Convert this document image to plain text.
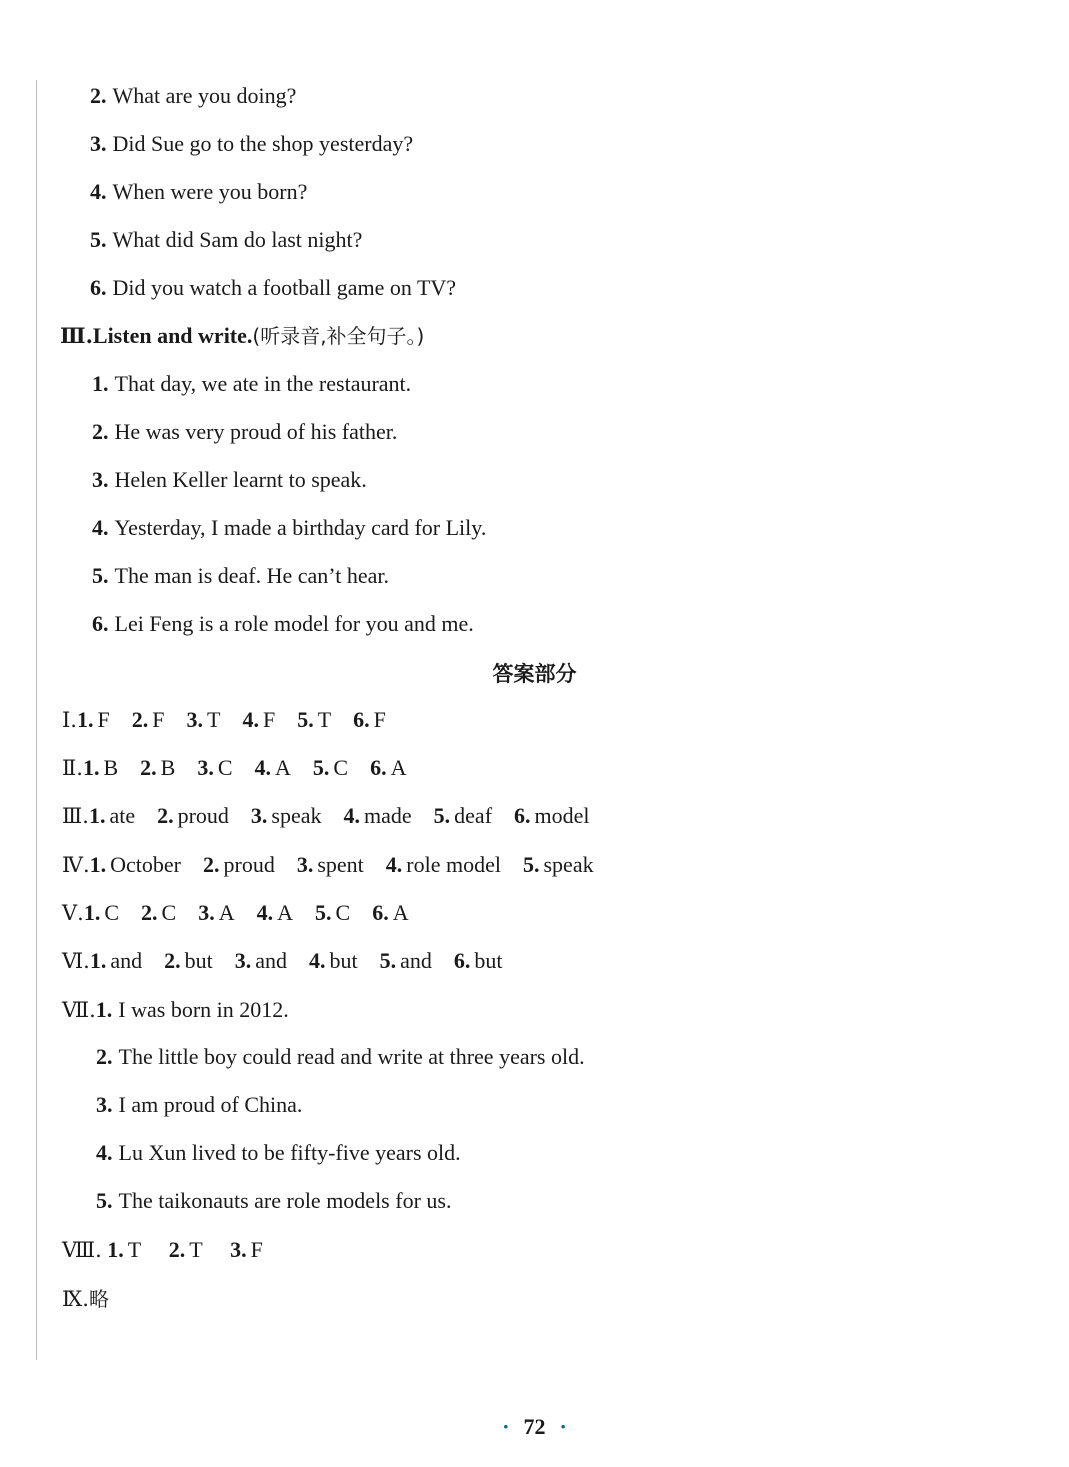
2. What are you doing?
3. Did Sue go to the shop yesterday?
4. When were you born?
5. What did Sam do last night?
6. Did you watch a football game on TV?
Ⅲ.Listen and write.(听录音,补全句子。)
1. That day, we ate in the restaurant.
2. He was very proud of his father.
3. Helen Keller learnt to speak.
4. Yesterday, I made a birthday card for Lily.
5. The man is deaf. He can’t hear.
6. Lei Feng is a role model for you and me.
答案部分
Ⅰ.1. F 2. F 3. T 4. F 5. T 6. F
Ⅱ.1. B 2. B 3. C 4. A 5. C 6. A
Ⅲ.1. ate 2. proud 3. speak 4. made 5. deaf 6. model
Ⅳ.1. October 2. proud 3. spent 4. role model 5. speak
Ⅴ.1. C 2. C 3. A 4. A 5. C 6. A
Ⅵ.1. and 2. but 3. and 4. but 5. and 6. but
Ⅶ.1. I was born in 2012.
2. The little boy could read and write at three years old.
3. I am proud of China.
4. Lu Xun lived to be fifty-five years old.
5. The taikonauts are role models for us.
Ⅷ. 1. T 2. T 3. F
Ⅸ.略
· 72 ·
